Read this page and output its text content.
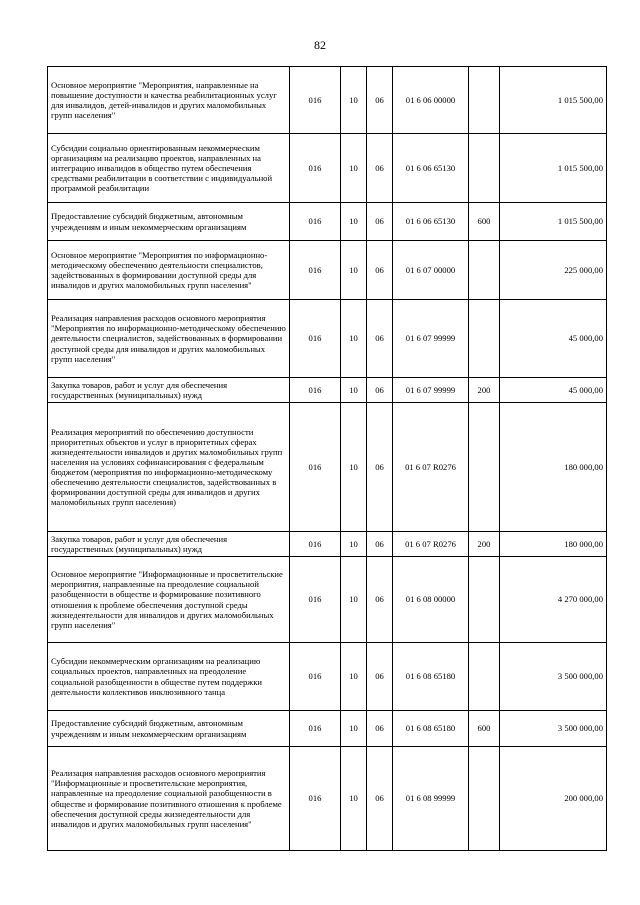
82
Основное мероприятие "Мероприятия, направленные на повышение доступности и качества реабилитационных услуг для инвалидов, детей-инвалидов и других маломобильных групп населения"	016	10	06	01 6 06 00000		1 015 500,00
Субсидии социально ориентированным некоммерческим организациям на реализацию проектов, направленных на интеграцию инвалидов в общество путем обеспечения средствами реабилитации в соответствии с индивидуальной программой реабилитации	016	10	06	01 6 06 65130		1 015 500,00
Предоставление субсидий бюджетным, автономным учреждениям и иным некоммерческим организациям	016	10	06	01 6 06 65130	600	1 015 500,00
Основное мероприятие "Мероприятия по информационно-методическому обеспечению деятельности специалистов, задействованных в формировании доступной среды для инвалидов и других маломобильных групп населения"	016	10	06	01 6 07 00000		225 000,00
Реализация направления расходов основного мероприятия "Мероприятия по информационно-методическому обеспечению деятельности специалистов, задействованных в формировании доступной среды для инвалидов и других маломобильных групп населения"	016	10	06	01 6 07 99999		45 000,00
Закупка товаров, работ и услуг для обеспечения государственных (муниципальных) нужд	016	10	06	01 6 07 99999	200	45 000,00
Реализация мероприятий по обеспечению доступности приоритетных объектов и услуг в приоритетных сферах жизнедеятельности инвалидов и других маломобильных групп населения на условиях софинансирования с федеральным бюджетом (мероприятия по информационно-методическому обеспечению деятельности специалистов, задействованных в формировании доступной среды для инвалидов и других маломобильных групп населения)	016	10	06	01 6 07 R0276		180 000,00
Закупка товаров, работ и услуг для обеспечения государственных (муниципальных) нужд	016	10	06	01 6 07 R0276	200	180 000,00
Основное мероприятие "Информационные и просветительские мероприятия, направленные на преодоление социальной разобщенности в обществе и формирование позитивного отношения к проблеме обеспечения доступной среды жизнедеятельности для инвалидов и других маломобильных групп населения"	016	10	06	01 6 08 00000		4 270 000,00
Субсидии некоммерческим организациям на реализацию социальных проектов, направленных на преодоление социальной разобщенности в обществе путем поддержки деятельности коллективов инклюзивного танца	016	10	06	01 6 08 65180		3 500 000,00
Предоставление субсидий бюджетным, автономным учреждениям и иным некоммерческим организациям	016	10	06	01 6 08 65180	600	3 500 000,00
Реализация направления расходов основного мероприятия "Информационные и просветительские мероприятия, направленные на преодоление социальной разобщенности в обществе и формирование позитивного отношения к проблеме обеспечения доступной среды жизнедеятельности для инвалидов и других маломобильных групп населения"	016	10	06	01 6 08 99999		200 000,00
